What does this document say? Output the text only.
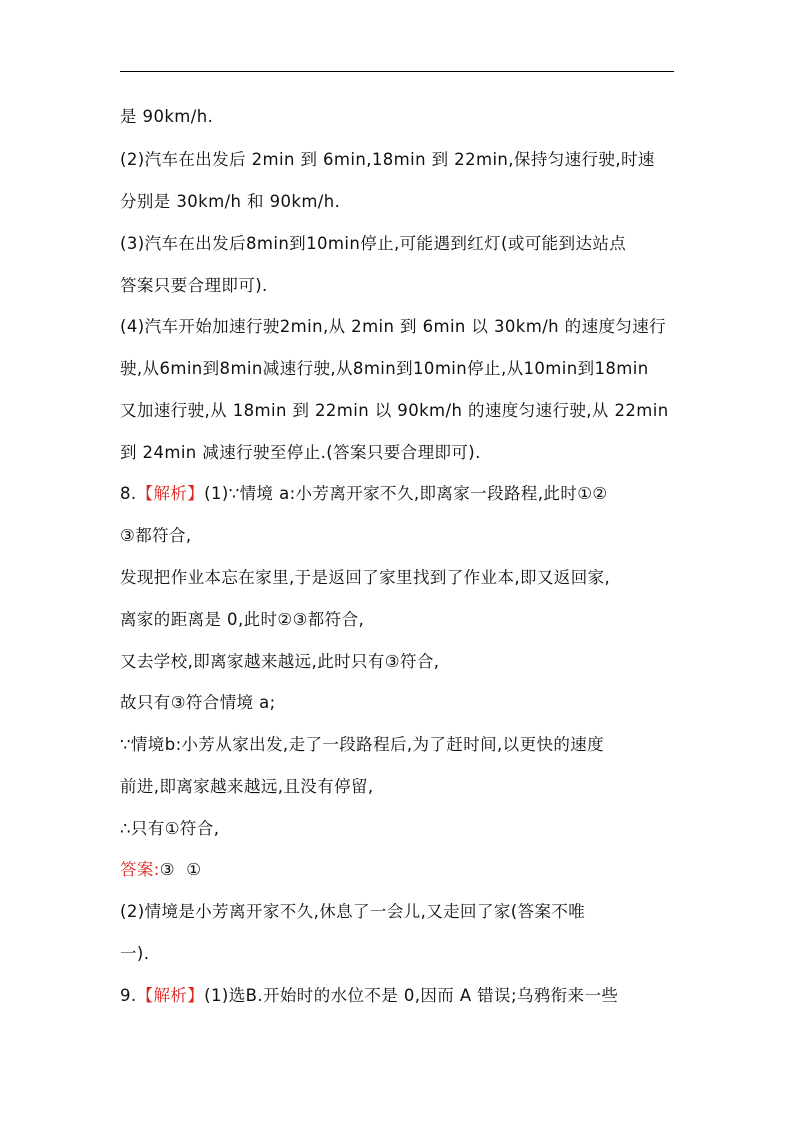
是 90km/h.
(2)汽车在出发后 2min 到 6min,18min 到 22min,保持匀速行驶,时速
分别是 30km/h 和 90km/h.
(3)汽车在出发后8min到10min停止,可能遇到红灯(或可能到达站点
答案只要合理即可).
(4)汽车开始加速行驶2min,从 2min 到 6min 以 30km/h 的速度匀速行
驶,从6min到8min减速行驶,从8min到10min停止,从10min到18min
又加速行驶,从 18min 到 22min 以 90km/h 的速度匀速行驶,从 22min
到 24min 减速行驶至停止.(答案只要合理即可).
8.【解析】(1)∵情境 a:小芳离开家不久,即离家一段路程,此时①②
③都符合,
发现把作业本忘在家里,于是返回了家里找到了作业本,即又返回家,
离家的距离是 0,此时②③都符合,
又去学校,即离家越来越远,此时只有③符合,
故只有③符合情境 a;
∵情境b:小芳从家出发,走了一段路程后,为了赶时间,以更快的速度
前进,即离家越来越远,且没有停留,
∴只有①符合,
答案:③  ①
(2)情境是小芳离开家不久,休息了一会儿,又走回了家(答案不唯
一).
9.【解析】(1)选B.开始时的水位不是 0,因而 A 错误;乌鸦衔来一些
